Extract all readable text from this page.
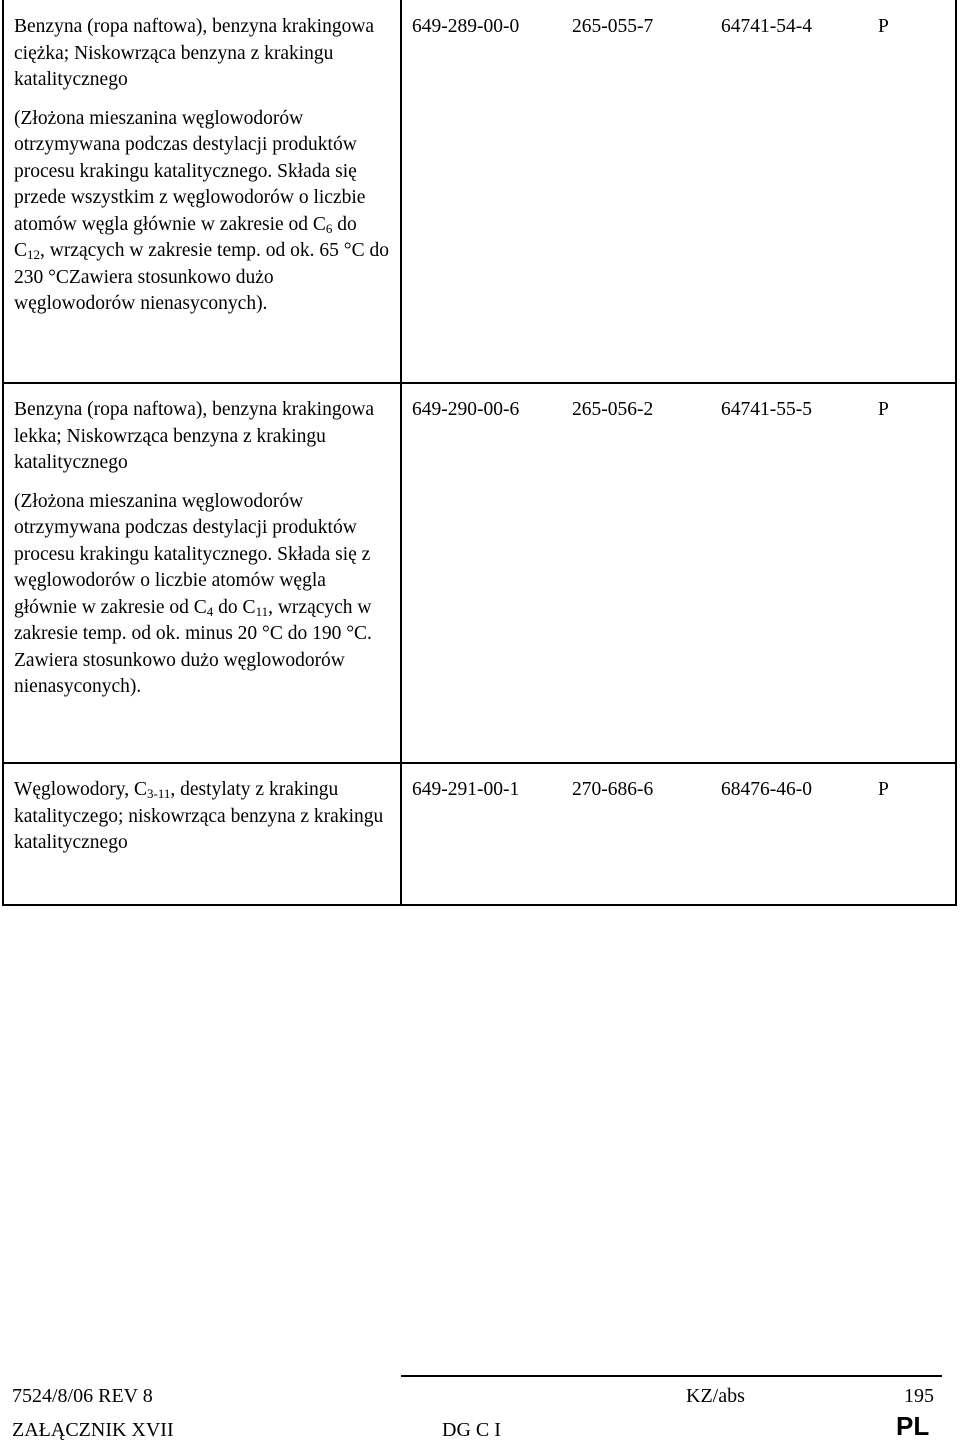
Benzyna (ropa naftowa), benzyna krakingowa ciężka; Niskowrząca benzyna z krakingu katalitycznego

(Złożona mieszanina węglowodorów otrzymywana podczas destylacji produktów procesu krakingu katalitycznego. Składa się przede wszystkim z węglowodorów o liczbie atomów węgla głównie w zakresie od $C_6$ do $C_{12}$, wrzących w zakresie temp. od ok. 65 °C do 230 °CZawiera stosunkowo dużo węglowodorów nienasyconych).

649-289-00-0	265-055-7	64741-54-4	P

Benzyna (ropa naftowa), benzyna krakingowa lekka; Niskowrząca benzyna z krakingu katalitycznego

(Złożona mieszanina węglowodorów otrzymywana podczas destylacji produktów procesu krakingu katalitycznego. Składa się z węglowodorów o liczbie atomów węgla głównie w zakresie od $C_4$ do $C_{11}$, wrzących w zakresie temp. od ok. minus 20 °C do 190 °C. Zawiera stosunkowo dużo węglowodorów nienasyconych).

649-290-00-6	265-056-2	64741-55-5	P

Węglowodory, $C_{3-11}$, destylaty z krakingu katalityczego; niskowrząca benzyna z krakingu katalitycznego

649-291-00-1	270-686-6	68476-46-0	P
7524/8/06 REV 8	KZ/abs	195
ZAŁĄCZNIK XVII	DG C I	PL
